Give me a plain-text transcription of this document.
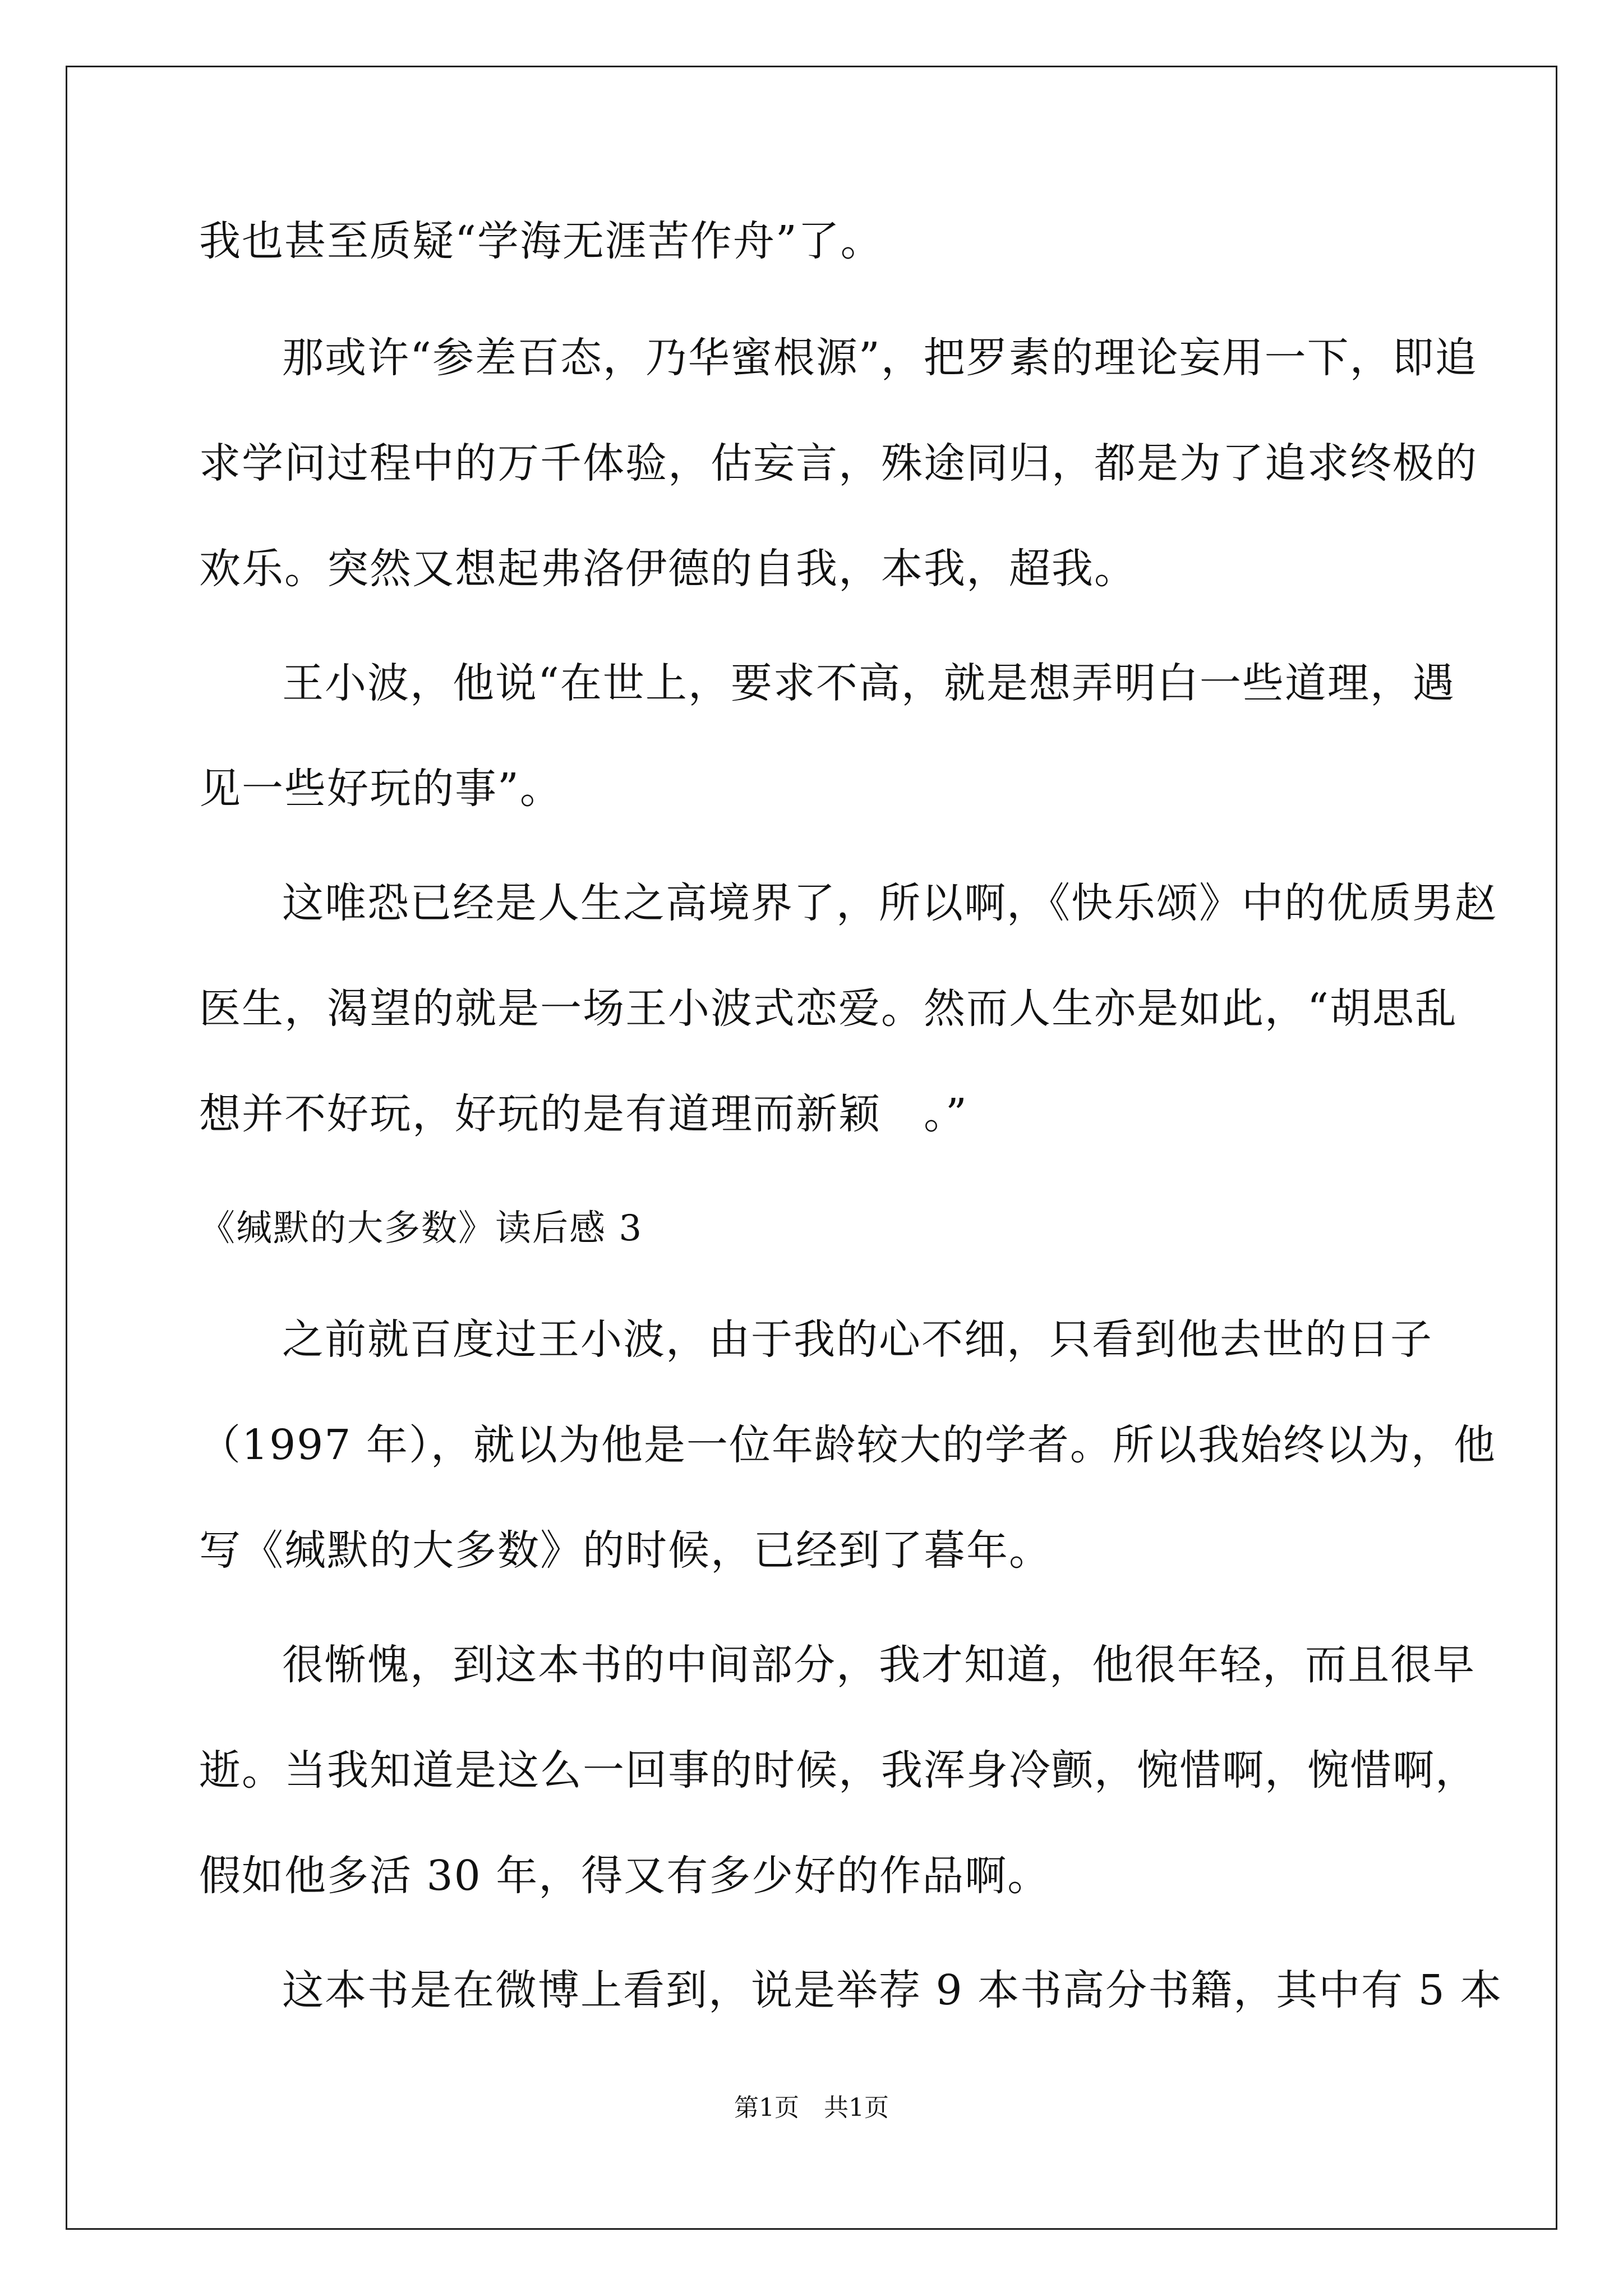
我也甚至质疑“学海无涯苦作舟”了。
那或许“参差百态，乃华蜜根源”，把罗素的理论妄用一下，即追
求学问过程中的万千体验，估妄言，殊途同归，都是为了追求终极的
欢乐。突然又想起弗洛伊德的自我，本我，超我。
王小波，他说“在世上，要求不高，就是想弄明白一些道理，遇
见一些好玩的事”。
这唯恐已经是人生之高境界了，所以啊，《快乐颂》中的优质男赵
医生，渴望的就是一场王小波式恋爱。然而人生亦是如此，“胡思乱
想并不好玩，好玩的是有道理而新颖　。”
《缄默的大多数》读后感 3
之前就百度过王小波，由于我的心不细，只看到他去世的日子
（1997 年），就以为他是一位年龄较大的学者。所以我始终以为，他
写《缄默的大多数》的时候，已经到了暮年。
很惭愧，到这本书的中间部分，我才知道，他很年轻，而且很早
逝。当我知道是这么一回事的时候，我浑身冷颤，惋惜啊，惋惜啊，
假如他多活 30 年，得又有多少好的作品啊。
这本书是在微博上看到，说是举荐 9 本书高分书籍，其中有 5 本
第1页　共1页
